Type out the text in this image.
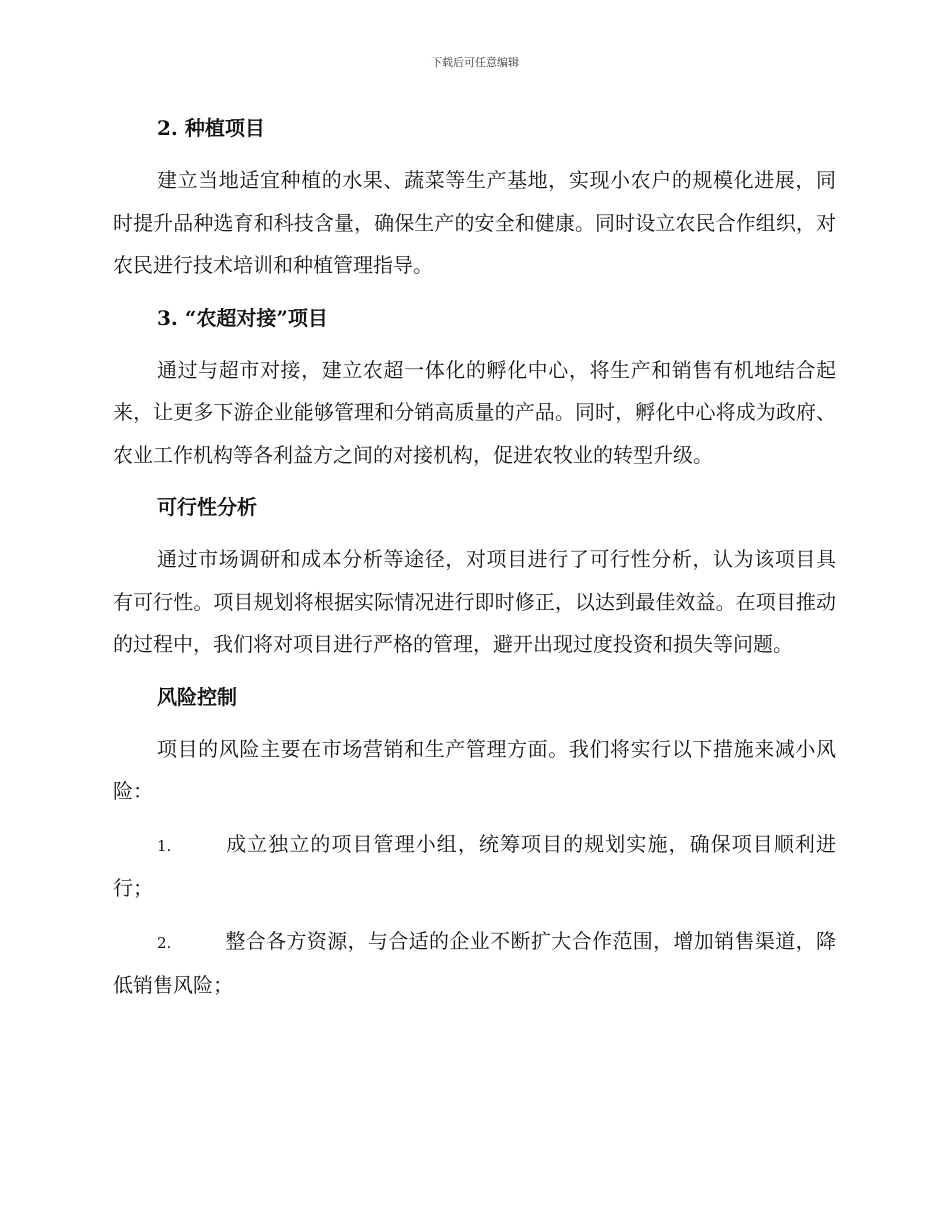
下载后可任意编辑
2. 种植项目

建立当地适宜种植的水果、蔬菜等生产基地，实现小农户的规模化进展，同时提升品种选育和科技含量，确保生产的安全和健康。同时设立农民合作组织，对农民进行技术培训和种植管理指导。

3. “农超对接”项目

通过与超市对接，建立农超一体化的孵化中心，将生产和销售有机地结合起来，让更多下游企业能够管理和分销高质量的产品。同时，孵化中心将成为政府、农业工作机构等各利益方之间的对接机构，促进农牧业的转型升级。

可行性分析

通过市场调研和成本分析等途径，对项目进行了可行性分析，认为该项目具有可行性。项目规划将根据实际情况进行即时修正，以达到最佳效益。在项目推动的过程中，我们将对项目进行严格的管理，避开出现过度投资和损失等问题。

风险控制

项目的风险主要在市场营销和生产管理方面。我们将实行以下措施来减小风险：

1.	成立独立的项目管理小组，统筹项目的规划实施，确保项目顺利进行；

2.	整合各方资源，与合适的企业不断扩大合作范围，增加销售渠道，降低销售风险；
